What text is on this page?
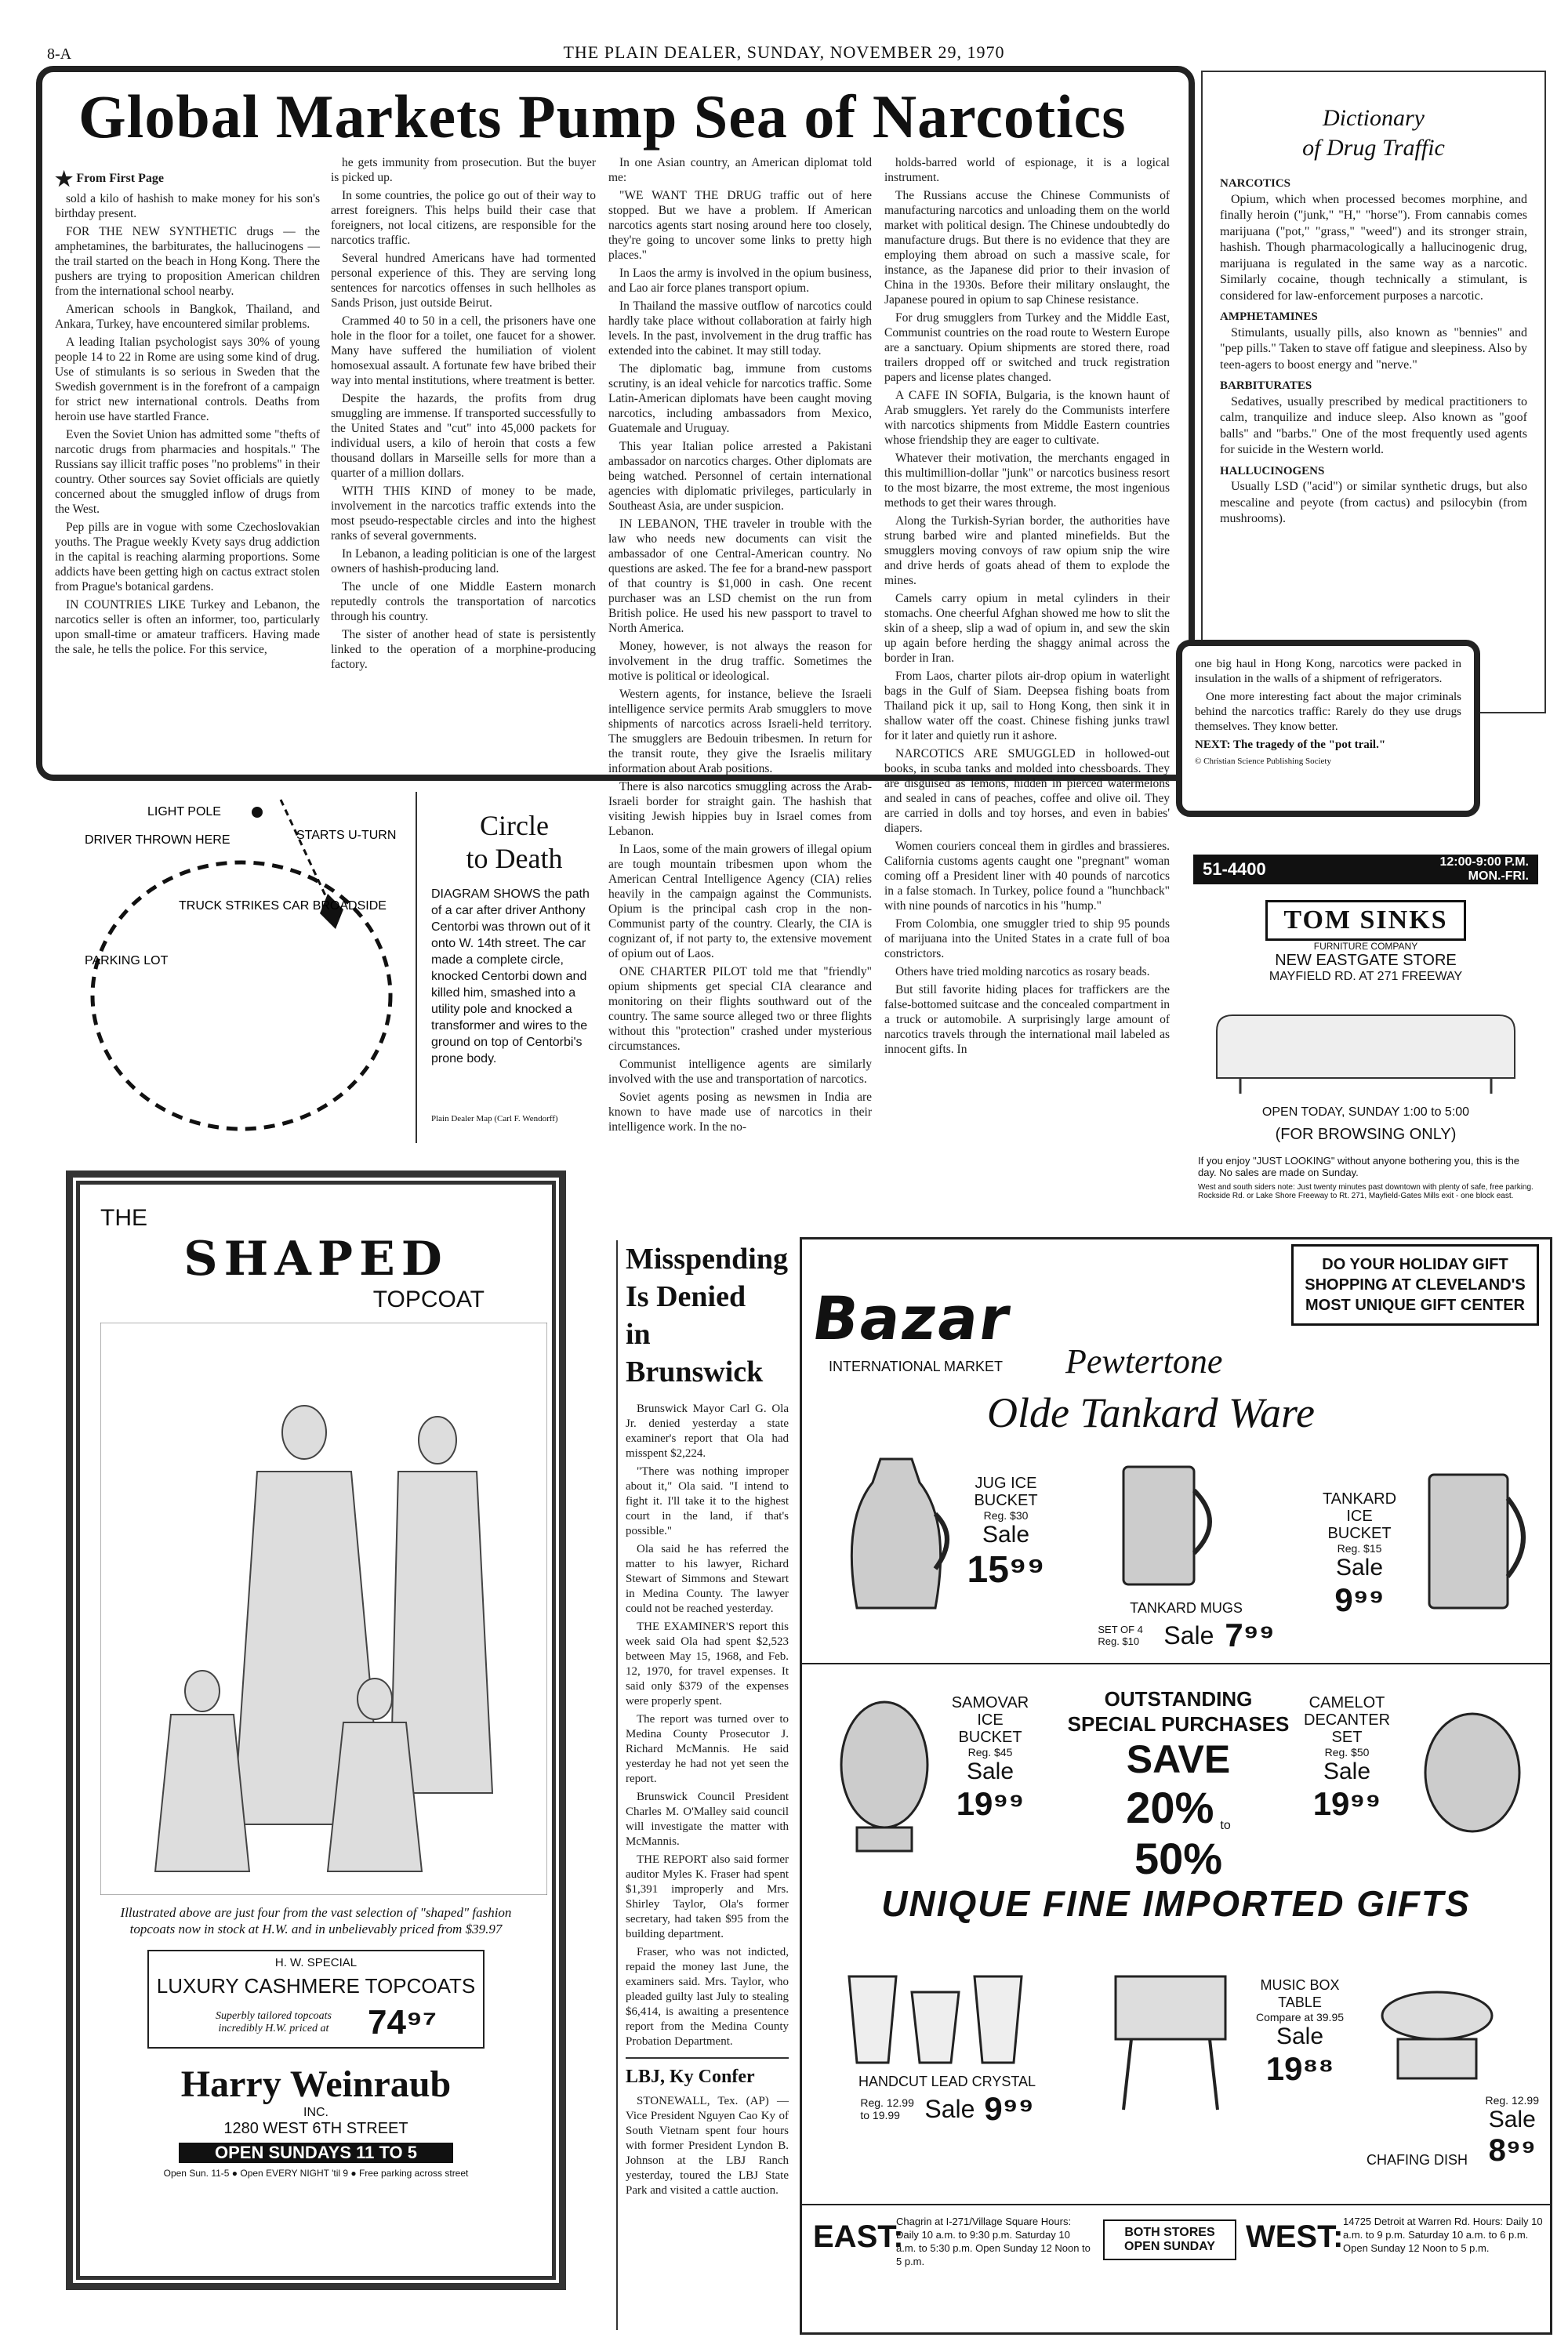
8-A	THE PLAIN DEALER, SUNDAY, NOVEMBER 29, 1970
Global Markets Pump Sea of Narcotics
★ From First Page

sold a kilo of hashish to make money for his son's birthday present.

FOR THE NEW SYNTHETIC drugs — the amphetamines, the barbiturates, the hallucinogens — the trail started on the beach in Hong Kong. There the pushers are trying to proposition American children from the international school nearby.

American schools in Bangkok, Thailand, and Ankara, Turkey, have encountered similar problems.

A leading Italian psychologist says 30% of young people 14 to 22 in Rome are using some kind of drug. Use of stimulants is so serious in Sweden that the Swedish government is in the forefront of a campaign for strict new international controls. Deaths from heroin use have startled France.

Even the Soviet Union has admitted some "thefts of narcotic drugs from pharmacies and hospitals." The Russians say illicit traffic poses "no problems" in their country. Other sources say Soviet officials are quietly concerned about the smuggled inflow of drugs from the West.

Pep pills are in vogue with some Czechoslovakian youths. The Prague weekly Kvety says drug addiction in the capital is reaching alarming proportions. Some addicts have been getting high on cactus extract stolen from Prague's botanical gardens.

IN COUNTRIES LIKE Turkey and Lebanon, the narcotics seller is often an informer, too, particularly upon small-time or amateur trafficers. Having made the sale, he tells the police. For this service,

he gets immunity from prosecution. But the buyer is picked up.

In some countries, the police go out of their way to arrest foreigners. This helps build their case that foreigners, not local citizens, are responsible for the narcotics traffic.

Several hundred Americans have had tormented personal experience of this. They are serving long sentences for narcotics offenses in such hellholes as Sands Prison, just outside Beirut.

Crammed 40 to 50 in a cell, the prisoners have one hole in the floor for a toilet, one faucet for a shower. Many have suffered the humiliation of violent homosexual assault. A fortunate few have bribed their way into mental institutions, where treatment is better.

Despite the hazards, the profits from drug smuggling are immense. If transported successfully to the United States and "cut" into 45,000 packets for individual users, a kilo of heroin that costs a few thousand dollars in Marseille sells for more than a quarter of a million dollars.

WITH THIS KIND of money to be made, involvement in the narcotics traffic extends into the most pseudo-respectable circles and into the highest ranks of several governments.

In Lebanon, a leading politician is one of the largest owners of hashish-producing land.

The uncle of one Middle Eastern monarch reputedly controls the transportation of narcotics through his country.

The sister of another head of state is persistently linked to the operation of a morphine-producing factory.

In one Asian country, an American diplomat told me:

"WE WANT THE DRUG traffic out of here stopped. But we have a problem. If American narcotics agents start nosing around here too closely, they're going to uncover some links to pretty high places."

In Laos the army is involved in the opium business, and Lao air force planes transport opium.

In Thailand the massive outflow of narcotics could hardly take place without collaboration at fairly high levels. In the past, involvement in the drug traffic has extended into the cabinet. It may still today.

The diplomatic bag, immune from customs scrutiny, is an ideal vehicle for narcotics traffic. Some Latin-American diplomats have been caught moving narcotics, including ambassadors from Mexico, Guatemale and Uruguay.

This year Italian police arrested a Pakistani ambassador on narcotics charges. Other diplomats are being watched. Personnel of certain international agencies with diplomatic privileges, particularly in Southeast Asia, are under suspicion.

IN LEBANON, THE traveler in trouble with the law who needs new documents can visit the ambassador of one Central-American country. No questions are asked. The fee for a brand-new passport of that country is $1,000 in cash. One recent purchaser was an LSD chemist on the run from British police. He used his new passport to travel to North America.

Money, however, is not always the reason for involvement in the drug traffic. Sometimes the motive is political or ideological.

Western agents, for instance, believe the Israeli intelligence service permits Arab smugglers to move shipments of narcotics across Israeli-held territory. The smugglers are Bedouin tribesmen. In return for the transit route, they give the Israelis military information about Arab positions.

There is also narcotics smuggling across the Arab-Israeli border for straight gain. The hashish that visiting Jewish hippies buy in Israel comes from Lebanon.

In Laos, some of the main growers of illegal opium are tough mountain tribesmen upon whom the American Central Intelligence Agency (CIA) relies heavily in the campaign against the Communists. Opium is the principal cash crop in the non-Communist party of the country. Clearly, the CIA is cognizant of, if not party to, the extensive movement of opium out of Laos.

ONE CHARTER PILOT told me that "friendly" opium shipments get special CIA clearance and monitoring on their flights southward out of the country. The same source alleged two or three flights without this "protection" crashed under mysterious circumstances.

Communist intelligence agents are similarly involved with the use and transportation of narcotics.

Soviet agents posing as newsmen in India are known to have made use of narcotics in their intelligence work. In the no-

holds-barred world of espionage, it is a logical instrument.

The Russians accuse the Chinese Communists of manufacturing narcotics and unloading them on the world market with political design. The Chinese undoubtedly do manufacture drugs. But there is no evidence that they are employing them abroad on such a massive scale, for instance, as the Japanese did prior to their invasion of China in the 1930s. Before their military onslaught, the Japanese poured in opium to sap Chinese resistance.

For drug smugglers from Turkey and the Middle East, Communist countries on the road route to Western Europe are a sanctuary. Opium shipments are stored there, road trailers dropped off or switched and truck registration papers and license plates changed.

A CAFE IN SOFIA, Bulgaria, is the known haunt of Arab smugglers. Yet rarely do the Communists interfere with narcotics shipments from Middle Eastern countries whose friendship they are eager to cultivate.

Whatever their motivation, the merchants engaged in this multimillion-dollar "junk" or narcotics business resort to the most bizarre, the most extreme, the most ingenious methods to get their wares through.

Along the Turkish-Syrian border, the authorities have strung barbed wire and planted minefields. But the smugglers moving convoys of raw opium snip the wire and drive herds of goats ahead of them to explode the mines.

Camels carry opium in metal cylinders in their stomachs. One cheerful Afghan showed me how to slit the skin of a sheep, slip a wad of opium in, and sew the skin up again before herding the shaggy animal across the border in Iran.

From Laos, charter pilots air-drop opium in waterlight bags in the Gulf of Siam. Deepsea fishing boats from Thailand pick it up, sail to Hong Kong, then sink it in shallow water off the coast. Chinese fishing junks trawl for it later and quietly run it ashore.

NARCOTICS ARE SMUGGLED in hollowed-out books, in scuba tanks and molded into chessboards. They are disguised as lemons, hidden in pierced watermelons and sealed in cans of peaches, coffee and olive oil. They are carried in dolls and toy horses, and even in babies' diapers.

Women couriers conceal them in girdles and brassieres. California customs agents caught one "pregnant" woman coming off a President liner with 40 pounds of narcotics in a false stomach. In Turkey, police found a "hunchback" with nine pounds of narcotics in his "hump."

From Colombia, one smuggler tried to ship 95 pounds of marijuana into the United States in a crate full of boa constrictors.

Others have tried molding narcotics as rosary beads.

But still favorite hiding places for traffickers are the false-bottomed suitcase and the concealed compartment in a truck or automobile. A surprisingly large amount of narcotics travels through the international mail labeled as innocent gifts. In

Dictionary
of Drug Traffic
NARCOTICS

Opium, which when processed becomes morphine, and finally heroin ("junk," "H," "horse"). From cannabis comes marijuana ("pot," "grass," "weed") and its stronger strain, hashish. Though pharmacologically a hallucinogenic drug, marijuana is regulated in the same way as a narcotic. Similarly cocaine, though technically a stimulant, is considered for law-enforcement purposes a narcotic.

AMPHETAMINES

Stimulants, usually pills, also known as "bennies" and "pep pills." Taken to stave off fatigue and sleepiness. Also by teen-agers to boost energy and "nerve."

BARBITURATES

Sedatives, usually prescribed by medical practitioners to calm, tranquilize and induce sleep. Also known as "goof balls" and "barbs." One of the most frequently used agents for suicide in the Western world.

HALLUCINOGENS

Usually LSD ("acid") or similar synthetic drugs, but also mescaline and peyote (from cactus) and psilocybin (from mushrooms).

one big haul in Hong Kong, narcotics were packed in insulation in the walls of a shipment of refrigerators.

One more interesting fact about the major criminals behind the narcotics traffic: Rarely do they use drugs themselves. They know better.

NEXT: The tragedy of the "pot trail."

© Christian Science Publishing Society

LIGHT POLE
STARTS U-TURN
DRIVER THROWN HERE
TRUCK STRIKES CAR BROADSIDE
PARKING LOT
Circle
to Death
DIAGRAM SHOWS the path of a car after driver Anthony Centorbi was thrown out of it onto W. 14th street. The car made a complete circle, knocked Centorbi down and killed him, smashed into a utility pole and knocked a transformer and wires to the ground on top of Centorbi's prone body.
Plain Dealer Map (Carl F. Wendorff)
THE
SHAPED
TOPCOAT
Illustrated above are just four from the vast selection of "shaped" fashion topcoats now in stock at H.W. and in unbelievably priced from $39.97
H. W. SPECIAL
LUXURY CASHMERE TOPCOATS
Superbly tailored topcoats incredibly H.W. priced at	74⁹⁷
Harry Weinraub
INC.
1280 WEST 6TH STREET
OPEN SUNDAYS 11 TO 5
Open Sun. 11-5 ● Open EVERY NIGHT 'til 9 ● Free parking across street
51-4400	12:00-9:00 P.M. MON.-FRI.
TOM SINKS
FURNITURE COMPANY
NEW EASTGATE STORE
MAYFIELD RD. AT 271 FREEWAY
OPEN TODAY, SUNDAY 1:00 to 5:00
(FOR BROWSING ONLY)
If you enjoy "JUST LOOKING" without anyone bothering you, this is the day. No sales are made on Sunday.
West and south siders note: Just twenty minutes past downtown with plenty of safe, free parking. Rockside Rd. or Lake Shore Freeway to Rt. 271, Mayfield-Gates Mills exit - one block east.
Misspending
Is Denied
in Brunswick

Brunswick Mayor Carl G. Ola Jr. denied yesterday a state examiner's report that Ola had misspent $2,224.

"There was nothing improper about it," Ola said. "I intend to fight it. I'll take it to the highest court in the land, if that's possible."

Ola said he has referred the matter to his lawyer, Richard Stewart of Simmons and Stewart in Medina County. The lawyer could not be reached yesterday.

THE EXAMINER'S report this week said Ola had spent $2,523 between May 15, 1968, and Feb. 12, 1970, for travel expenses. It said only $379 of the expenses were properly spent.

The report was turned over to Medina County Prosecutor J. Richard McMannis. He said yesterday he had not yet seen the report.

Brunswick Council President Charles M. O'Malley said council will investigate the matter with McMannis.

THE REPORT also said former auditor Myles K. Fraser had spent $1,391 improperly and Mrs. Shirley Taylor, Ola's former secretary, had taken $95 from the building department.

Fraser, who was not indicted, repaid the money last June, the examiners said. Mrs. Taylor, who pleaded guilty last July to stealing $6,414, is awaiting a presentence report from the Medina County Probation Department.

LBJ, Ky Confer

STONEWALL, Tex. (AP) — Vice President Nguyen Cao Ky of South Vietnam spent four hours with former President Lyndon B. Johnson at the LBJ Ranch yesterday, toured the LBJ State Park and visited a cattle auction.

Bazar
INTERNATIONAL MARKET
DO YOUR HOLIDAY GIFT SHOPPING AT CLEVELAND'S MOST UNIQUE GIFT CENTER
Pewtertone
Olde Tankard Ware
JUG ICE BUCKET
Reg. $30
Sale
15⁹⁹
TANKARD MUGS
SET OF 4 Reg. $10 Sale 7⁹⁹
TANKARD ICE BUCKET
Reg. $15
Sale
9⁹⁹
SAMOVAR ICE BUCKET
Reg. $45
Sale
19⁹⁹
OUTSTANDING SPECIAL PURCHASES
SAVE
20% to
50%
CAMELOT DECANTER SET
Reg. $50
Sale
19⁹⁹
UNIQUE FINE IMPORTED GIFTS
HANDCUT LEAD CRYSTAL
Reg. 12.99 to 19.99 Sale 9⁹⁹
MUSIC BOX TABLE
Compare at 39.95
Sale
19⁸⁸
CHAFING DISH
Reg. 12.99
Sale
8⁹⁹
EAST:
Chagrin at I-271/Village Square Hours: Daily 10 a.m. to 9:30 p.m. Saturday 10 a.m. to 5:30 p.m. Open Sunday 12 Noon to 5 p.m.
BOTH STORES OPEN SUNDAY WEST: 14725 Detroit at Warren Rd. Hours: Daily 10 a.m. to 9 p.m. Saturday 10 a.m. to 6 p.m. Open Sunday 12 Noon to 5 p.m.
